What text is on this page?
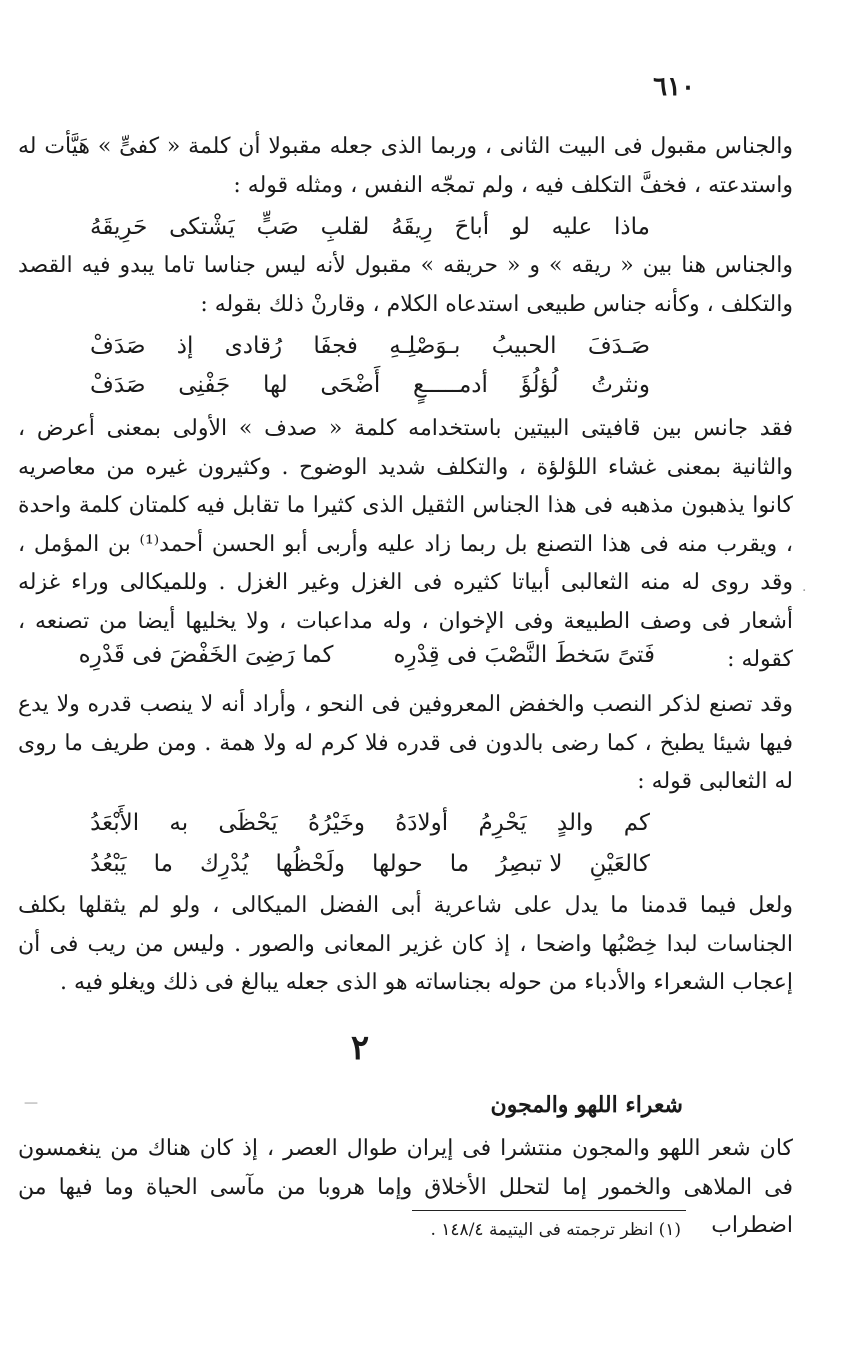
٦١٠

والجناس مقبول فى البيت الثانى ، وربما الذى جعله مقبولا أن كلمة « كفىٍّ » هَيَّأت له واستدعته ، فخفَّ التكلف فيه ، ولم تمجّه النفس ، ومثله قوله :

ماذا
عليه
لو
أباحَ
رِيقَهُ
لقلبِ
صَبٍّ
يَشْتكى
حَرِيقَهُ

والجناس هنا بين « ريقه » و « حريقه » مقبول لأنه ليس جناسا تاما يبدو فيه القصد والتكلف ، وكأنه جناس طبيعى استدعاه الكلام ، وقارنْ ذلك بقوله :

صَـدَفَ
الحبيبُ
بـوَصْلِـهِ
فجفَا
رُقادى
إذ
صَدَفْ
ونثرتُ
لُؤلُؤَ
أدمـــــعٍ
أَضْحَى
لها
جَفْنِى
صَدَفْ

فقد جانس بين قافيتى البيتين باستخدامه كلمة « صدف » الأولى بمعنى أعرض ، والثانية بمعنى غشاء اللؤلؤة ، والتكلف شديد الوضوح . وكثيرون غيره من معاصريه كانوا يذهبون مذهبه فى هذا الجناس الثقيل الذى كثيرا ما تقابل فيه كلمتان كلمة واحدة ، ويقرب منه فى هذا التصنع بل ربما زاد عليه وأربى أبو الحسن أحمد⁽¹⁾ بن المؤمل ، وقد روى له منه الثعالبى أبياتا كثيره فى الغزل وغير الغزل . وللميكالى وراء غزله أشعار فى وصف الطبيعة وفى الإخوان ، وله مداعبات ، ولا يخليها أيضا من تصنعه ، كقوله :

فَتىً سَخطَ النَّصْبَ فى قِدْرِه
كما رَضِىَ الخَفْضَ فى قَدْرِه

وقد تصنع لذكر النصب والخفض المعروفين فى النحو ، وأراد أنه لا ينصب قدره ولا يدع فيها شيئا يطبخ ، كما رضى بالدون فى قدره فلا كرم له ولا همة . ومن طريف ما روى له الثعالبى قوله :

كم
والدٍ
يَحْرِمُ
أولادَهُ
وخَيْرُهُ
يَحْظَى
به
الأَبْعَدُ
كالعَيْنِ
لا تبصِرُ
ما
حولها
ولَحْظُها
يُدْرِك
ما
يَبْعُدُ

ولعل فيما قدمنا ما يدل على شاعرية أبى الفضل الميكالى ، ولو لم يثقلها بكلف الجناسات لبدا خِصْبُها واضحا ، إذ كان غزير المعانى والصور . وليس من ريب فى أن إعجاب الشعراء والأدباء من حوله بجناساته هو الذى جعله يبالغ فى ذلك ويغلو فيه .

٢
شعراء اللهو والمجون

كان شعر اللهو والمجون منتشرا فى إيران طوال العصر ، إذ كان هناك من ينغمسون فى الملاهى والخمور إما لتحلل الأخلاق وإما هروبا من مآسى الحياة وما فيها من اضطراب

(١) انظر ترجمته فى اليتيمة ١٤٨/٤ .
—
·
